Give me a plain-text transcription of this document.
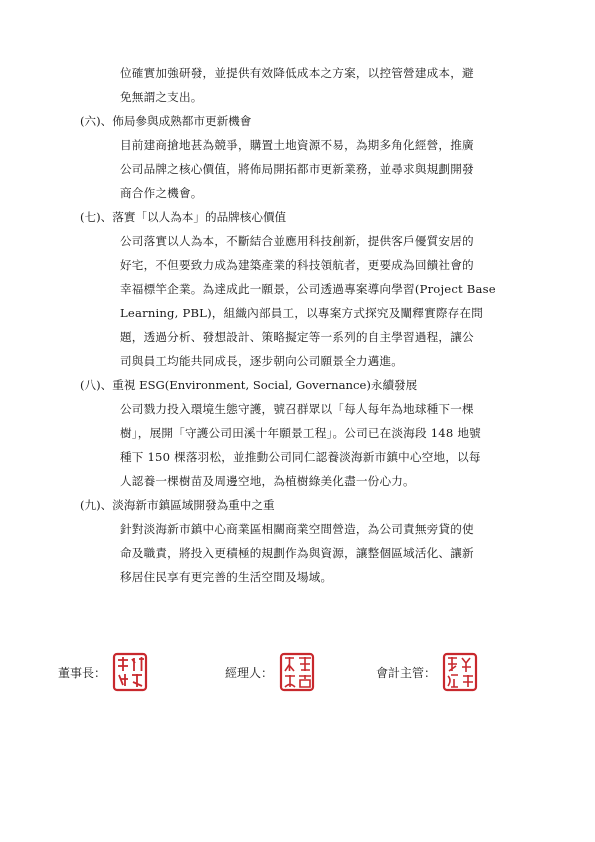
位確實加強研發，並提供有效降低成本之方案，以控管營建成本，避
免無謂之支出。
(六)、佈局參與成熟都市更新機會
目前建商搶地甚為競爭，購置土地資源不易，為期多角化經營，推廣
公司品牌之核心價值，將佈局開拓都市更新業務，並尋求與規劃開發
商合作之機會。
(七)、落實「以人為本」的品牌核心價值
公司落實以人為本，不斷結合並應用科技創新，提供客戶優質安居的
好宅，不但要致力成為建築產業的科技領航者，更要成為回饋社會的
幸福標竿企業。為達成此一願景，公司透過專案導向學習(Project Base
Learning, PBL)，組織內部員工，以專案方式探究及闡釋實際存在問
題，透過分析、發想設計、策略擬定等一系列的自主學習過程，讓公
司與員工均能共同成長，逐步朝向公司願景全力邁進。
(八)、重視 ESG(Environment, Social, Governance)永續發展
公司戮力投入環境生態守護，號召群眾以「每人每年為地球種下一棵
樹」，展開「守護公司田溪十年願景工程」。公司已在淡海段 148 地號
種下 150 棵落羽松，並推動公司同仁認養淡海新市鎮中心空地，以每
人認養一棵樹苗及周邊空地，為植樹綠美化盡一份心力。
(九)、淡海新市鎮區域開發為重中之重
針對淡海新市鎮中心商業區相關商業空間營造，為公司責無旁貸的使
命及職責，將投入更積極的規劃作為與資源，讓整個區域活化、讓新
移居住民享有更完善的生活空間及場域。
董事長：	經理人：	會計主管：
